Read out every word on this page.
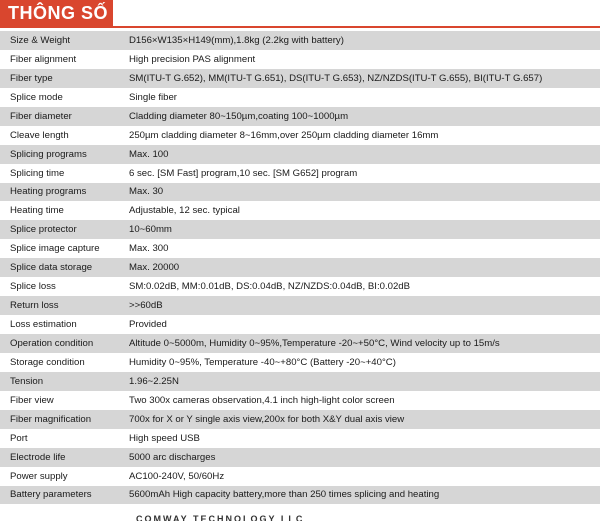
THÔNG SỐ
Size & Weight	D156×W135×H149(mm),1.8kg (2.2kg with battery)
Fiber alignment	High precision PAS alignment
Fiber type	SM(ITU-T G.652), MM(ITU-T G.651), DS(ITU-T G.653), NZ/NZDS(ITU-T G.655), BI(ITU-T G.657)
Splice mode	Single fiber
Fiber diameter	Cladding diameter 80~150µm,coating 100~1000µm
Cleave length	250µm cladding diameter 8~16mm,over 250µm cladding diameter 16mm
Splicing programs	Max. 100
Splicing time	6 sec. [SM Fast] program,10 sec. [SM G652] program
Heating programs	Max. 30
Heating time	Adjustable, 12 sec. typical
Splice protector	10~60mm
Splice image capture	Max. 300
Splice data storage	Max. 20000
Splice loss	SM:0.02dB, MM:0.01dB, DS:0.04dB, NZ/NZDS:0.04dB, BI:0.02dB
Return loss	>>60dB
Loss estimation	Provided
Operation condition	Altitude 0~5000m, Humidity 0~95%,Temperature -20~+50°C, Wind velocity up to 15m/s
Storage condition	Humidity 0~95%, Temperature -40~+80°C (Battery -20~+40°C)
Tension	1.96~2.25N
Fiber view	Two 300x cameras observation,4.1 inch high-light color screen
Fiber magnification	700x for X or Y single axis view,200x for both X&Y dual axis view
Port	High speed USB
Electrode life	5000 arc discharges
Power supply	AC100-240V, 50/60Hz
Battery parameters	5600mAh High capacity battery,more than 250 times splicing and heating
COMWAY TECHNOLOGY LLC
